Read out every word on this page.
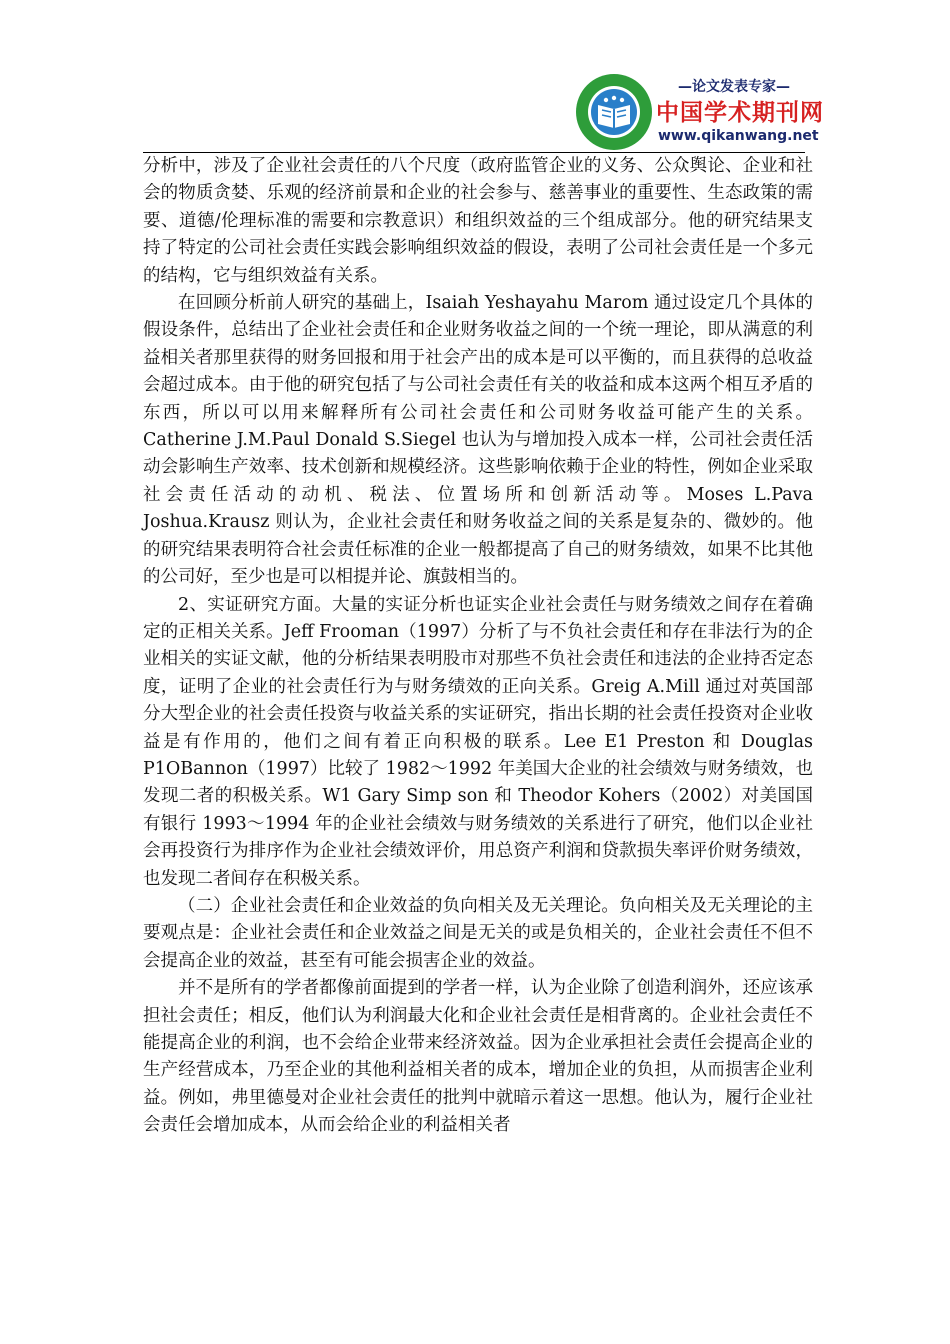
—论文发表专家—
中国学术期刊网
www.qikanwang.net

分析中，涉及了企业社会责任的八个尺度（政府监管企业的义务、公众舆论、企业和社会的物质贪婪、乐观的经济前景和企业的社会参与、慈善事业的重要性、生态政策的需要、道德/伦理标准的需要和宗教意识）和组织效益的三个组成部分。他的研究结果支持了特定的公司社会责任实践会影响组织效益的假设，表明了公司社会责任是一个多元的结构，它与组织效益有关系。

在回顾分析前人研究的基础上，Isaiah Yeshayahu Marom 通过设定几个具体的假设条件，总结出了企业社会责任和企业财务收益之间的一个统一理论，即从满意的利益相关者那里获得的财务回报和用于社会产出的成本是可以平衡的，而且获得的总收益会超过成本。由于他的研究包括了与公司社会责任有关的收益和成本这两个相互矛盾的东西，所以可以用来解释所有公司社会责任和公司财务收益可能产生的关系。Catherine J.M.Paul Donald S.Siegel 也认为与增加投入成本一样，公司社会责任活动会影响生产效率、技术创新和规模经济。这些影响依赖于企业的特性，例如企业采取社会责任活动的动机、税法、位置场所和创新活动等。Moses L.Pava Joshua.Krausz 则认为，企业社会责任和财务收益之间的关系是复杂的、微妙的。他的研究结果表明符合社会责任标准的企业一般都提高了自己的财务绩效，如果不比其他的公司好，至少也是可以相提并论、旗鼓相当的。

2、实证研究方面。大量的实证分析也证实企业社会责任与财务绩效之间存在着确定的正相关关系。Jeff Frooman（1997）分析了与不负社会责任和存在非法行为的企业相关的实证文献，他的分析结果表明股市对那些不负社会责任和违法的企业持否定态度，证明了企业的社会责任行为与财务绩效的正向关系。Greig A.Mill 通过对英国部分大型企业的社会责任投资与收益关系的实证研究，指出长期的社会责任投资对企业收益是有作用的，他们之间有着正向积极的联系。Lee E1 Preston 和 Douglas P1OBannon（1997）比较了 1982～1992 年美国大企业的社会绩效与财务绩效，也发现二者的积极关系。W1 Gary Simp son 和 Theodor Kohers（2002）对美国国有银行 1993～1994 年的企业社会绩效与财务绩效的关系进行了研究，他们以企业社会再投资行为排序作为企业社会绩效评价，用总资产利润和贷款损失率评价财务绩效，也发现二者间存在积极关系。

（二）企业社会责任和企业效益的负向相关及无关理论。负向相关及无关理论的主要观点是：企业社会责任和企业效益之间是无关的或是负相关的，企业社会责任不但不会提高企业的效益，甚至有可能会损害企业的效益。

并不是所有的学者都像前面提到的学者一样，认为企业除了创造利润外，还应该承担社会责任；相反，他们认为利润最大化和企业社会责任是相背离的。企业社会责任不能提高企业的利润，也不会给企业带来经济效益。因为企业承担社会责任会提高企业的生产经营成本，乃至企业的其他利益相关者的成本，增加企业的负担，从而损害企业利益。例如，弗里德曼对企业社会责任的批判中就暗示着这一思想。他认为，履行企业社会责任会增加成本，从而会给企业的利益相关者
